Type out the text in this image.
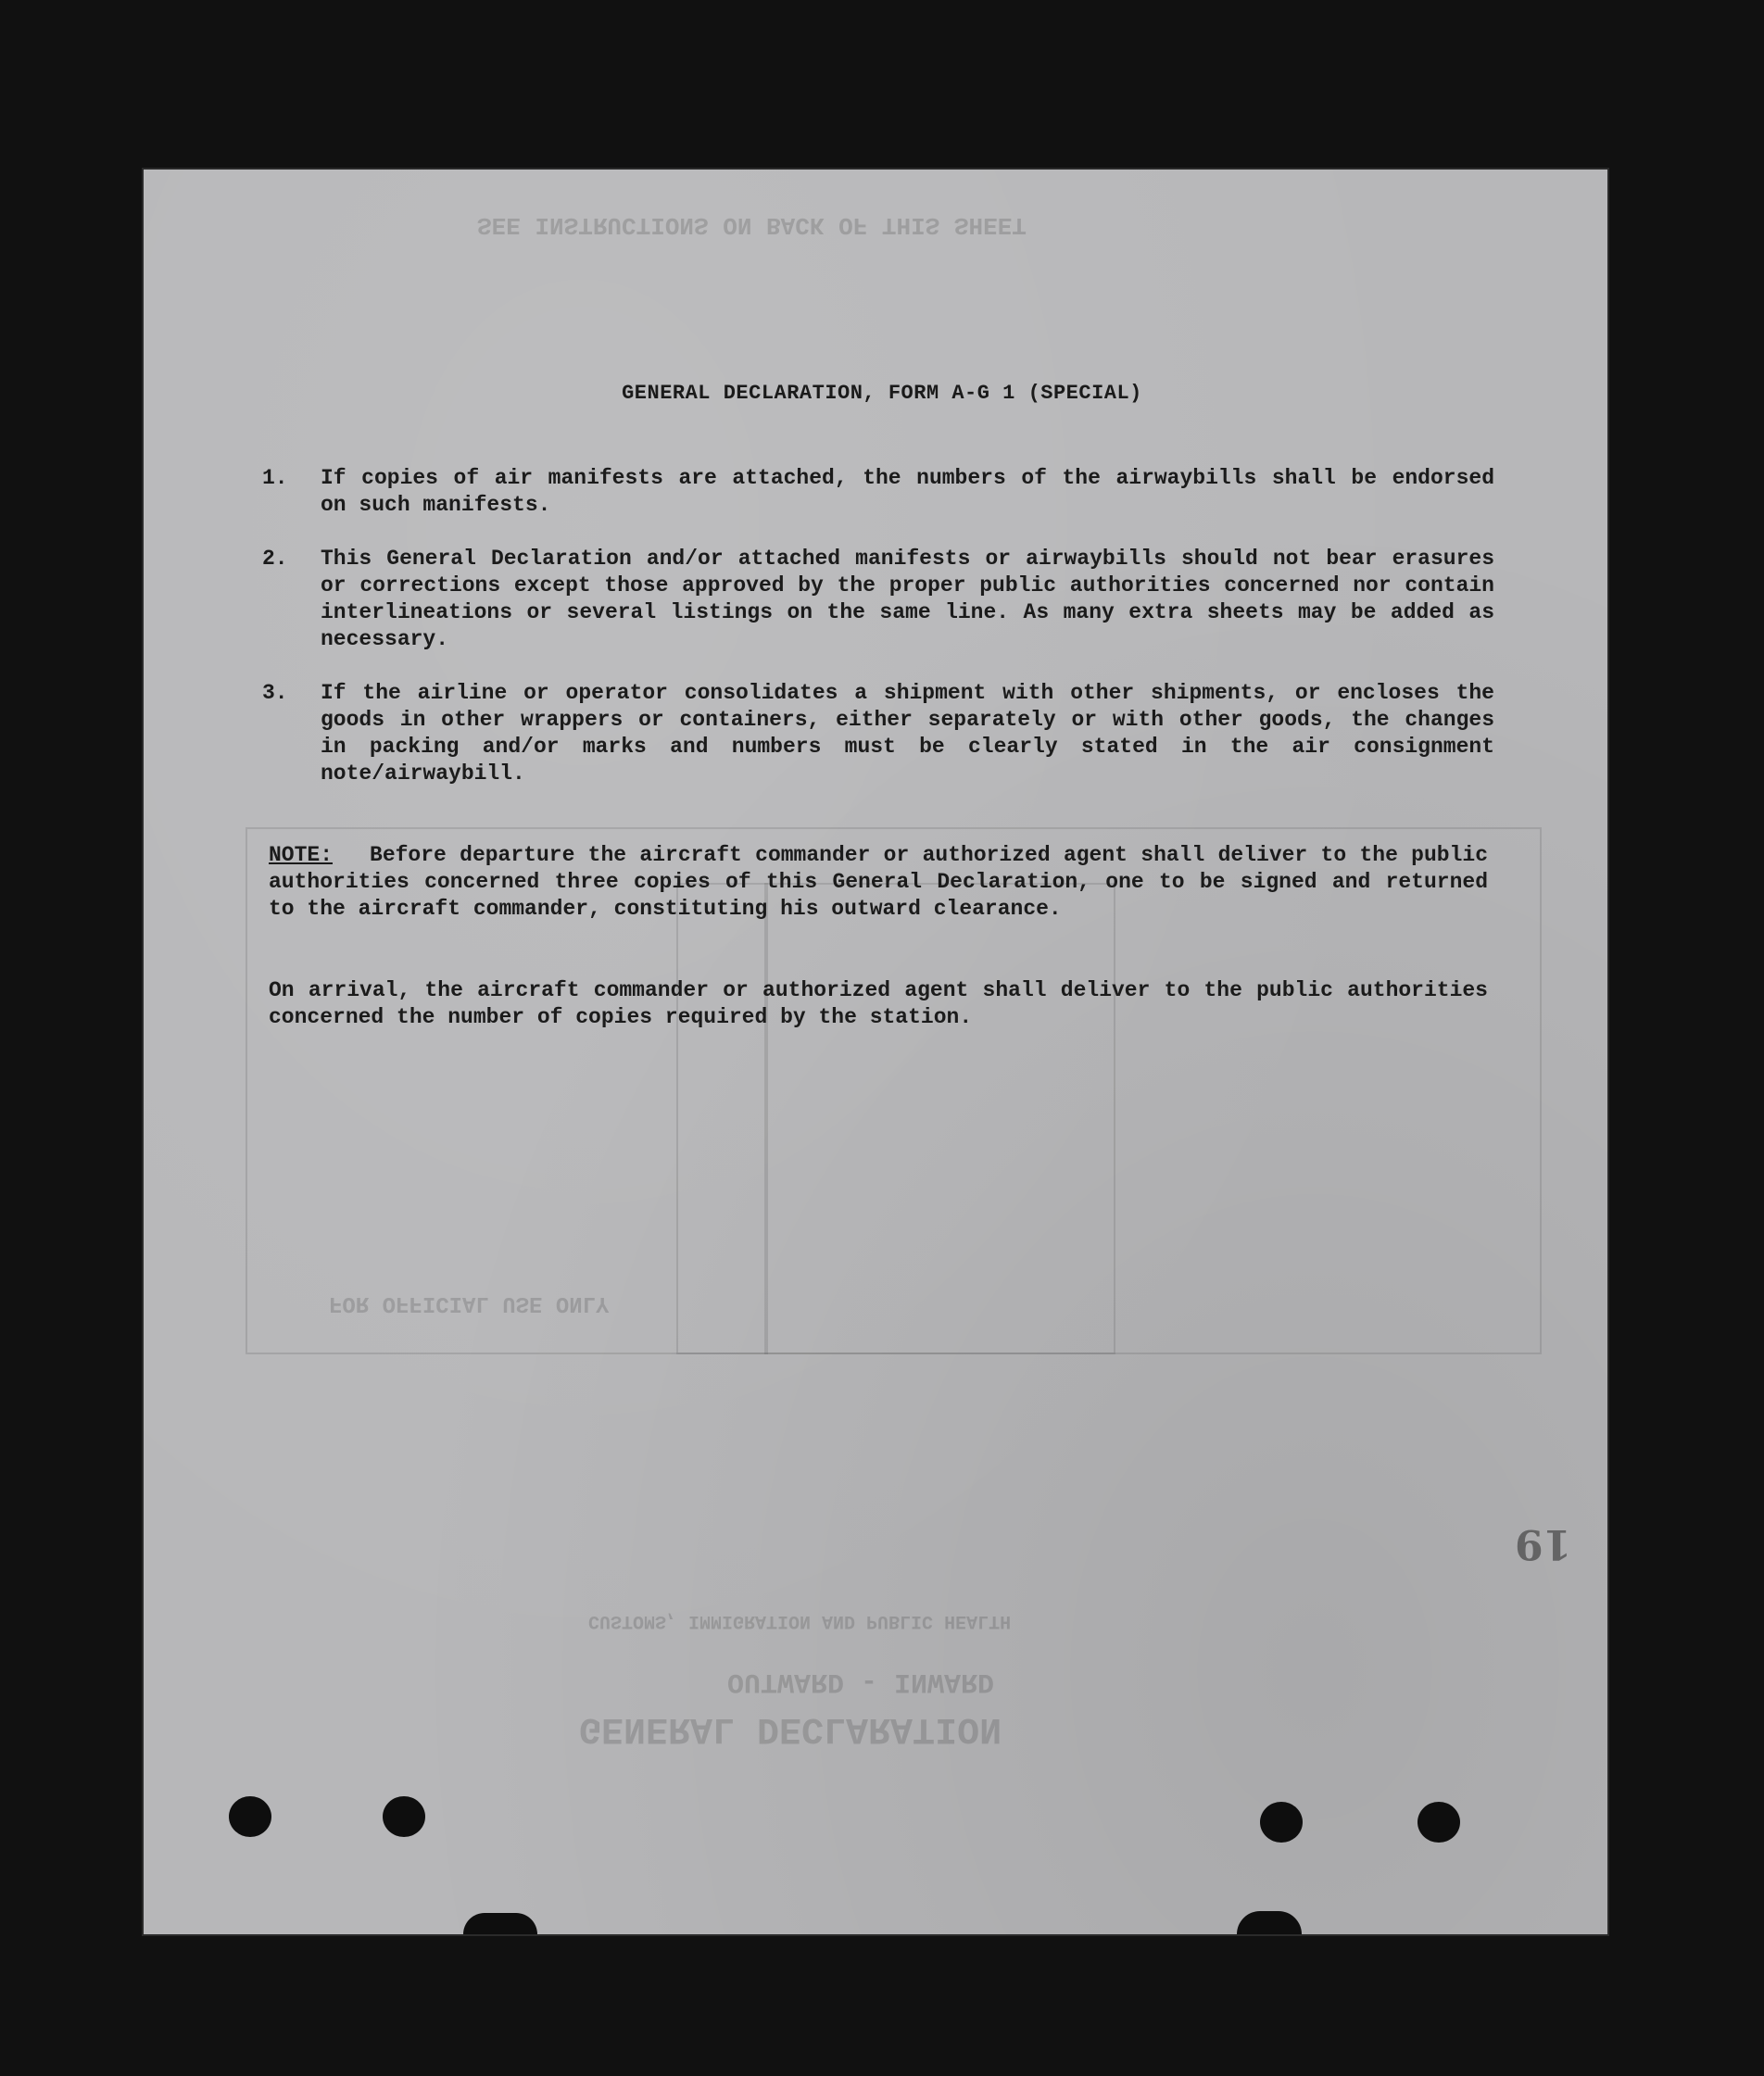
SEE INSTRUCTIONS ON BACK OF THIS SHEET
FOR OFFICIAL USE ONLY
GENERAL DECLARATION
OUTWARD - INWARD
CUSTOMS, IMMIGRATION AND PUBLIC HEALTH
19
GENERAL DECLARATION, FORM A-G 1 (SPECIAL)
1. If copies of air manifests are attached, the numbers of the airwaybills shall be endorsed on such manifests.
2. This General Declaration and/or attached manifests or airwaybills should not bear erasures or corrections except those approved by the proper public authorities concerned nor contain interlineations or several listings on the same line. As many extra sheets may be added as necessary.
3. If the airline or operator consolidates a shipment with other shipments, or encloses the goods in other wrappers or containers, either separately or with other goods, the changes in packing and/or marks and numbers must be clearly stated in the air consignment note/airwaybill.
NOTE: Before departure the aircraft commander or authorized agent shall deliver to the public authorities concerned three copies of this General Declaration, one to be signed and returned to the aircraft commander, constituting his outward clearance.
On arrival, the aircraft commander or authorized agent shall deliver to the public authorities concerned the number of copies required by the station.
